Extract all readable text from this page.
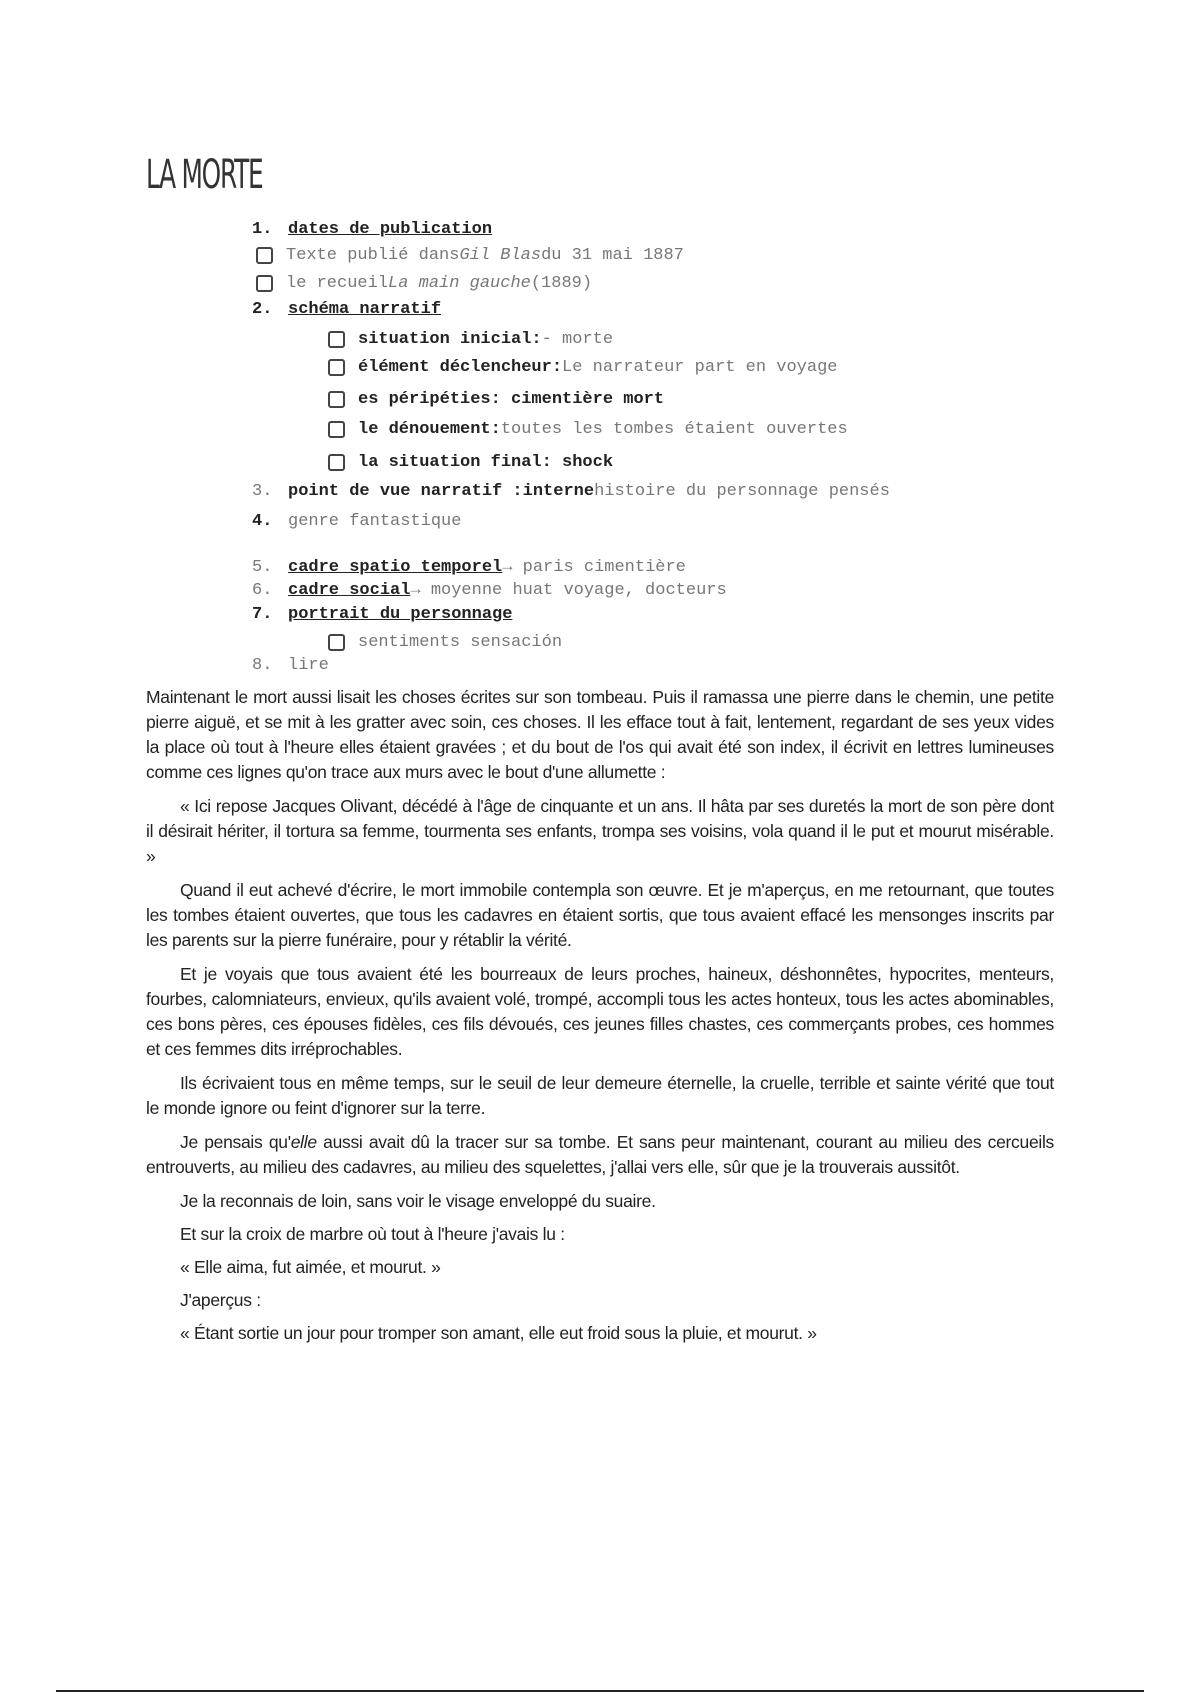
LA MORTE
1. dates de publication
Texte publié dans Gil Blas du 31 mai 1887
le recueil La main gauche (1889)
2. schéma narratif
situation inicial: - morte
élément déclencheur: Le narrateur part en voyage
es péripéties: cimentière mort
le dénouement: toutes les tombes étaient ouvertes
la situation final: shock
3. point de vue narratif :interne histoire du personnage pensés
4. genre fantastique
5. cadre spatio temporel → paris cimentière
6. cadre social → moyenne huat voyage, docteurs
7. portrait du personnage
sentiments sensación
8. lire

Maintenant le mort aussi lisait les choses écrites sur son tombeau. Puis il ramassa une pierre dans le chemin, une petite pierre aiguë, et se mit à les gratter avec soin, ces choses. Il les efface tout à fait, lentement, regardant de ses yeux vides la place où tout à l'heure elles étaient gravées ; et du bout de l'os qui avait été son index, il écrivit en lettres lumineuses comme ces lignes qu'on trace aux murs avec le bout d'une allumette :

« Ici repose Jacques Olivant, décédé à l'âge de cinquante et un ans. Il hâta par ses duretés la mort de son père dont il désirait hériter, il tortura sa femme, tourmenta ses enfants, trompa ses voisins, vola quand il le put et mourut misérable. »

Quand il eut achevé d'écrire, le mort immobile contempla son œuvre. Et je m'aperçus, en me retournant, que toutes les tombes étaient ouvertes, que tous les cadavres en étaient sortis, que tous avaient effacé les mensonges inscrits par les parents sur la pierre funéraire, pour y rétablir la vérité.

Et je voyais que tous avaient été les bourreaux de leurs proches, haineux, déshonnêtes, hypocrites, menteurs, fourbes, calomniateurs, envieux, qu'ils avaient volé, trompé, accompli tous les actes honteux, tous les actes abominables, ces bons pères, ces épouses fidèles, ces fils dévoués, ces jeunes filles chastes, ces commerçants probes, ces hommes et ces femmes dits irréprochables.

Ils écrivaient tous en même temps, sur le seuil de leur demeure éternelle, la cruelle, terrible et sainte vérité que tout le monde ignore ou feint d'ignorer sur la terre.

Je pensais qu'elle aussi avait dû la tracer sur sa tombe. Et sans peur maintenant, courant au milieu des cercueils entrouverts, au milieu des cadavres, au milieu des squelettes, j'allai vers elle, sûr que je la trouverais aussitôt.

Je la reconnais de loin, sans voir le visage enveloppé du suaire.

Et sur la croix de marbre où tout à l'heure j'avais lu :

« Elle aima, fut aimée, et mourut. »

J'aperçus :

« Étant sortie un jour pour tromper son amant, elle eut froid sous la pluie, et mourut. »
